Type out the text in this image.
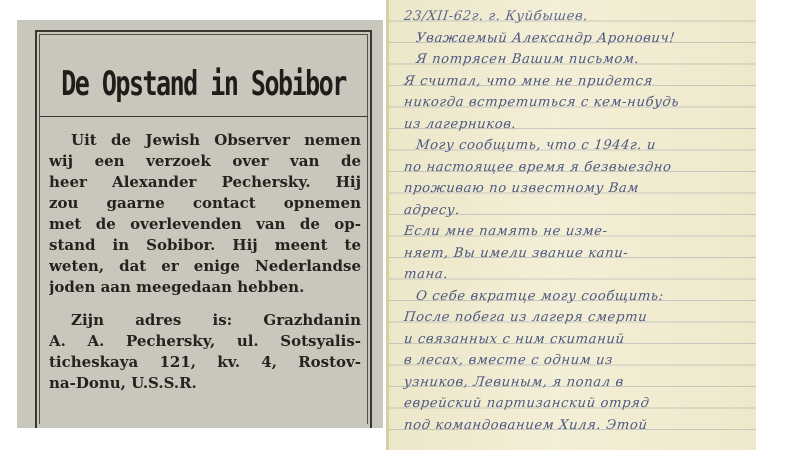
De Opstand in Sobibor
Uit de Jewish Observer nemen
wij een verzoek over van de
heer Alexander Pechersky. Hij
zou gaarne contact opnemen
met de overlevenden van de op-
stand in Sobibor. Hij meent te
weten, dat er enige Nederlandse
joden aan meegedaan hebben.
Zijn adres is: Grazhdanin
A. A. Pechersky, ul. Sotsyalis-
ticheskaya 121, kv. 4, Rostov-
na-Donu, U.S.S.R.
23/XII-62г. г. Куйбышев.
Уважаемый Александр Аронович!
Я потрясен Вашим письмом.
Я считал, что мне не придется
никогда встретиться с кем-нибудь
из лагерников.
Могу сообщить, что с 1944г. и
по настоящее время я безвыездно
проживаю по известному Вам
адресу.
Если мне память не изме-
няет, Вы имели звание капи-
тана.
О себе вкратце могу сообщить:
После побега из лагеря смерти
и связанных с ним скитаний
в лесах, вместе с одним из
узников, Левиным, я попал в
еврейский партизанский отряд
под командованием Хиля. Этой
